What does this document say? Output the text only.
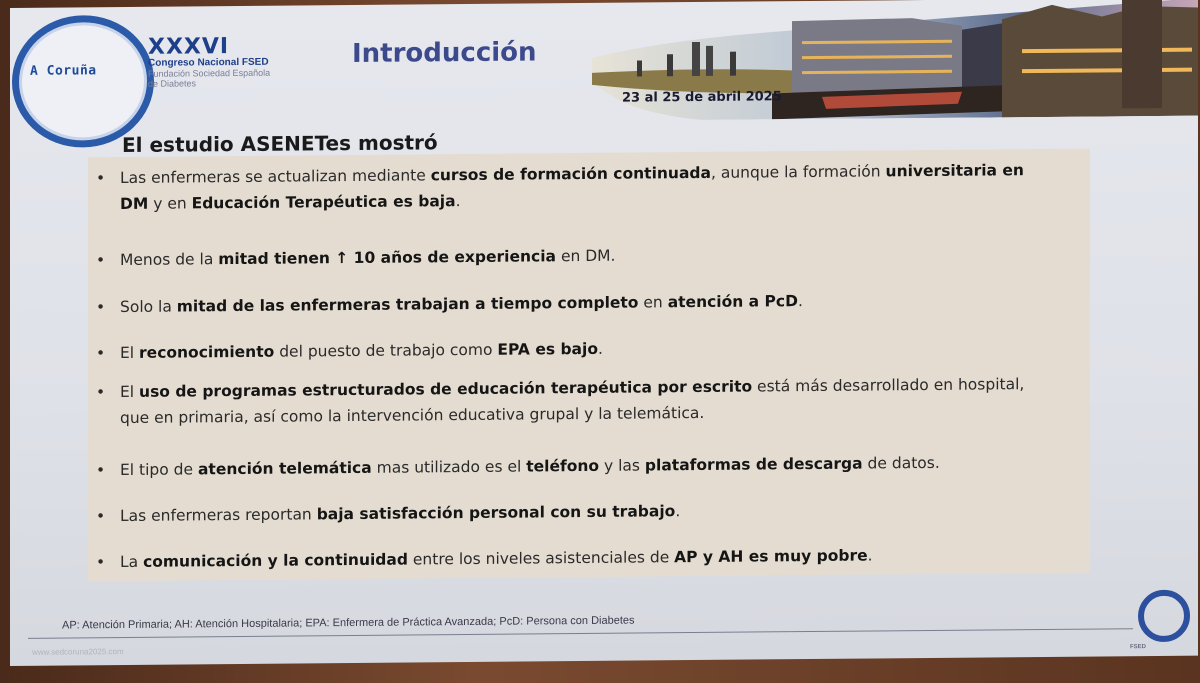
A Coruña
XXXVI
Congreso Nacional FSED
Fundación Sociedad Española
de Diabetes
Introducción
23 al 25 de abril 2025
El estudio ASENETes mostró
• Las enfermeras se actualizan mediante cursos de formación continuada, aunque la formación universitaria en DM y en Educación Terapéutica es baja.
• Menos de la mitad tienen ↑ 10 años de experiencia en DM.
• Solo la mitad de las enfermeras trabajan a tiempo completo en atención a PcD.
• El reconocimiento del puesto de trabajo como EPA es bajo.
• El uso de programas estructurados de educación terapéutica por escrito está más desarrollado en hospital, que en primaria, así como la intervención educativa grupal y la telemática.
• El tipo de atención telemática mas utilizado es el teléfono y las plataformas de descarga de datos.
• Las enfermeras reportan baja satisfacción personal con su trabajo.
• La comunicación y la continuidad entre los niveles asistenciales de AP y AH es muy pobre.
AP: Atención Primaria; AH: Atención Hospitalaria; EPA: Enfermera de Práctica Avanzada; PcD: Persona con Diabetes
www.sedcoruna2025.com	FSED
